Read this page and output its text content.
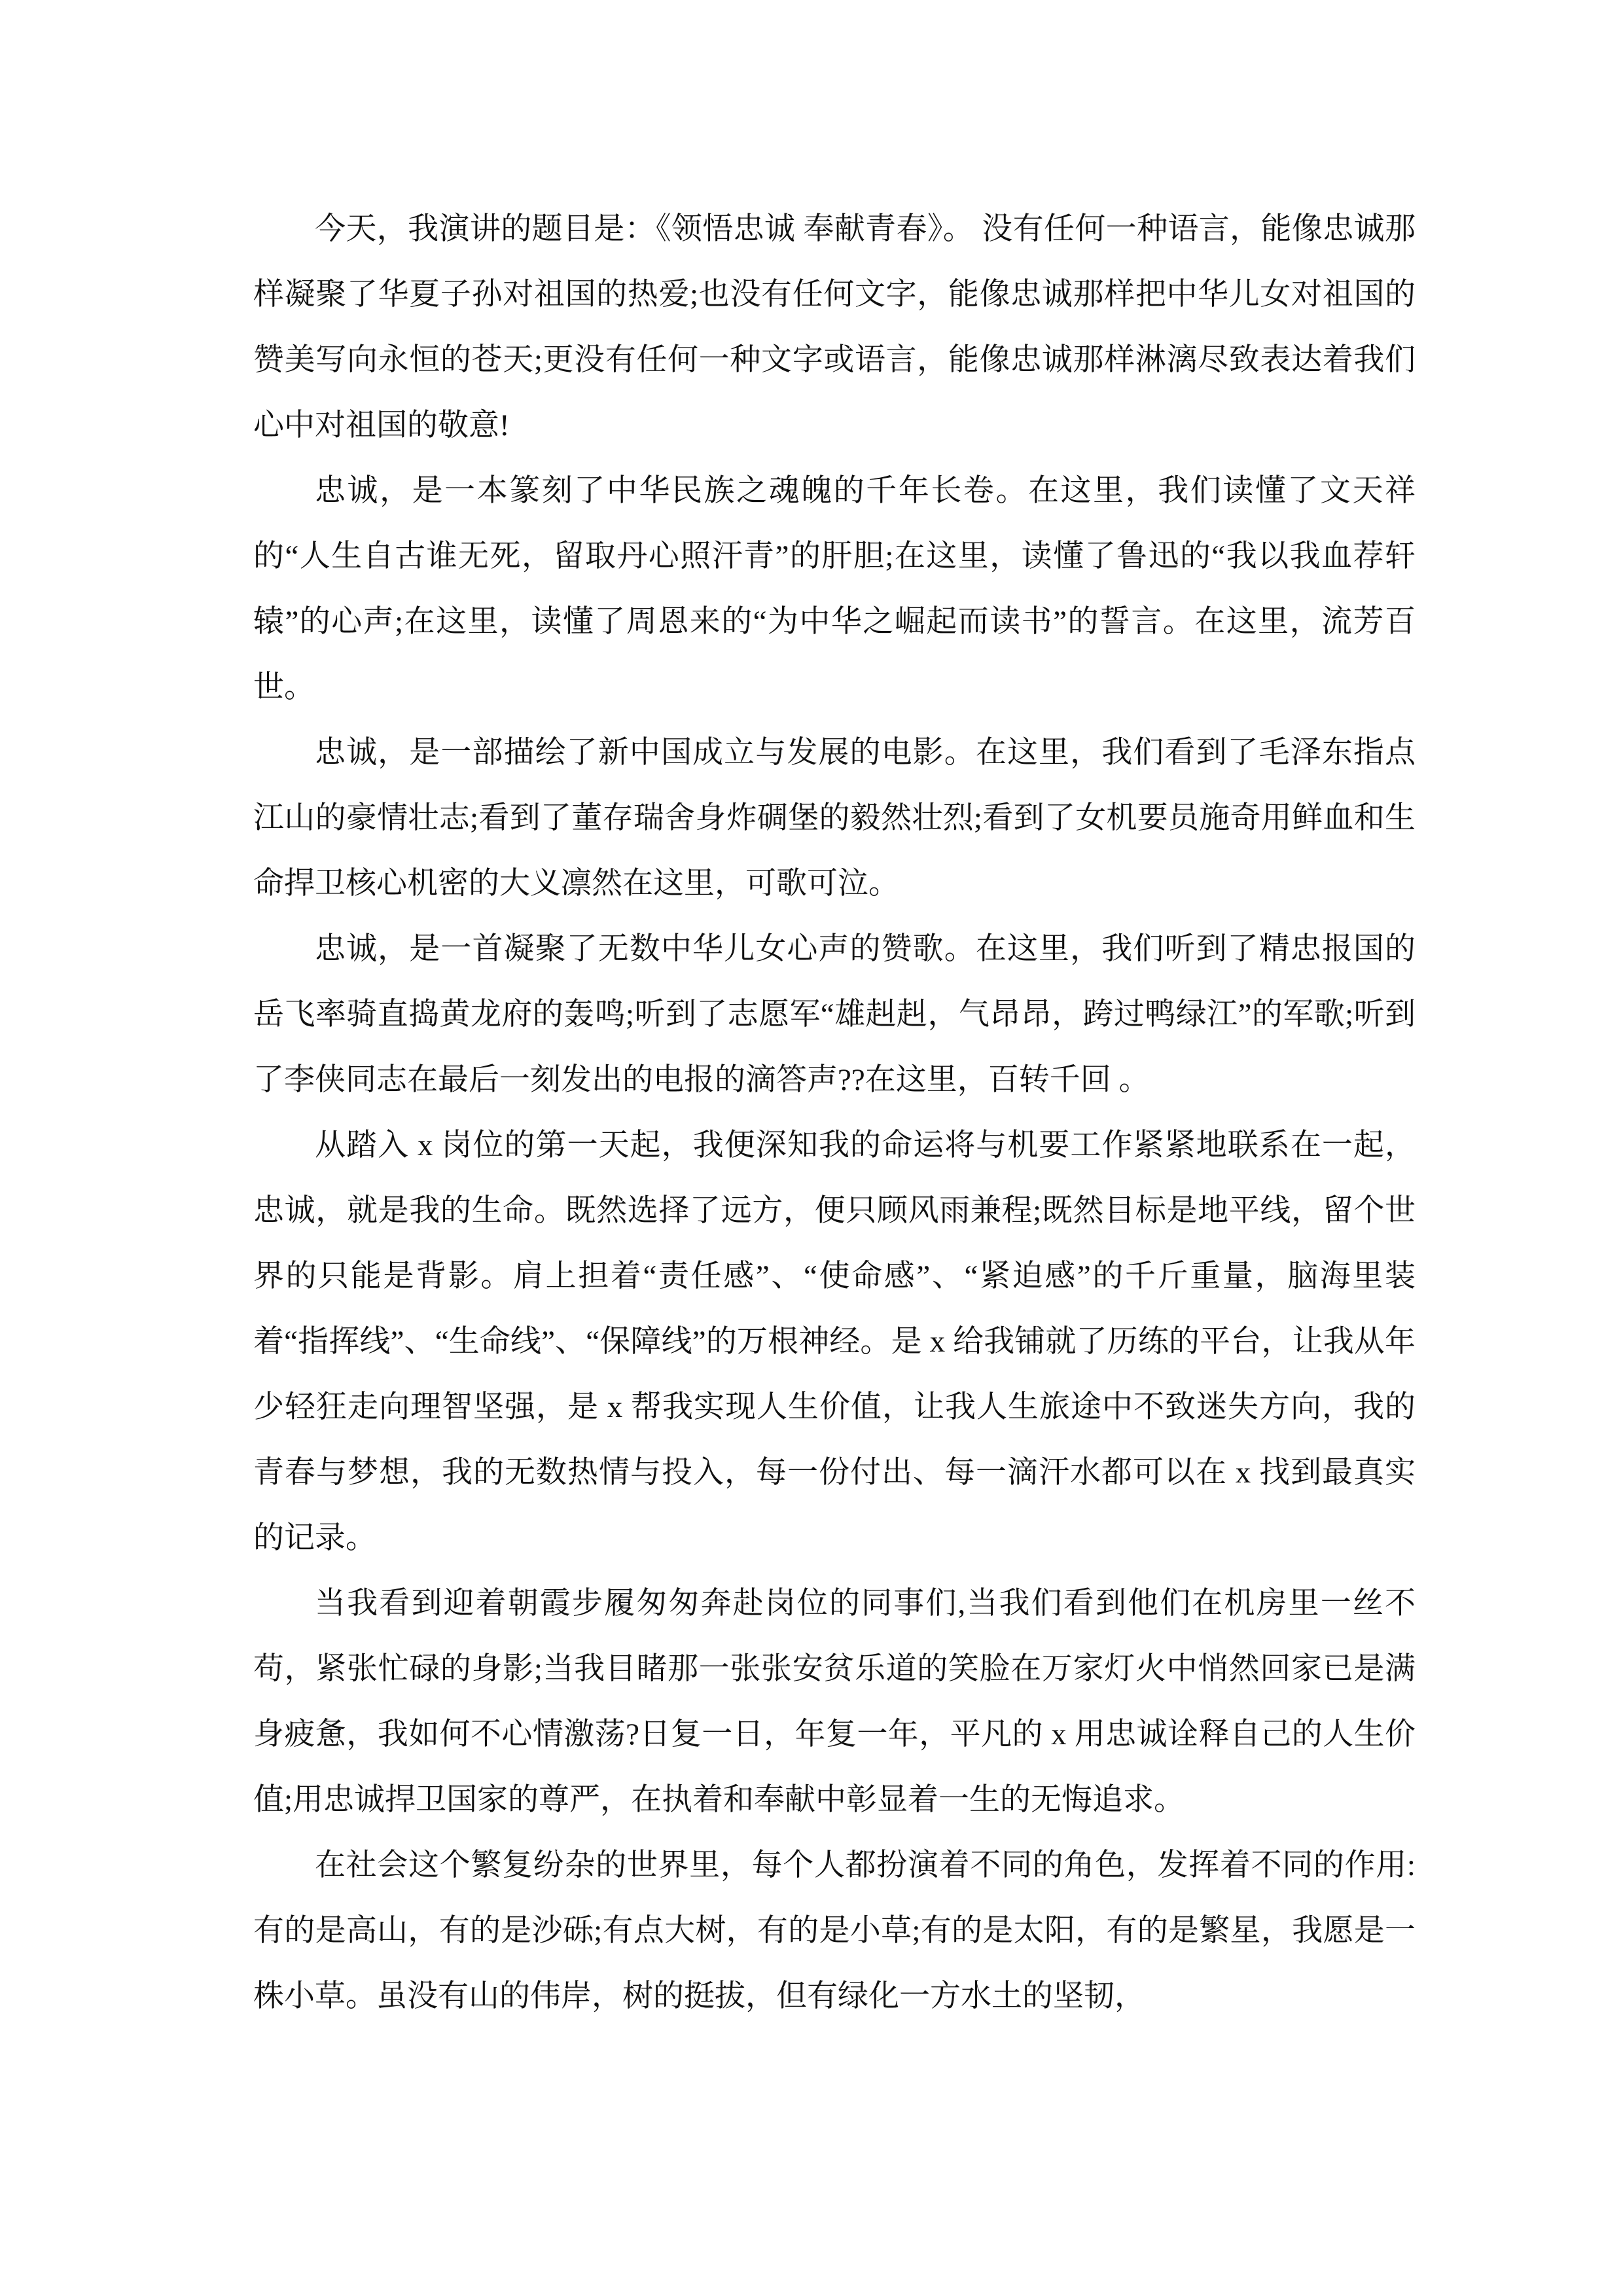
今天，我演讲的题目是：《领悟忠诚 奉献青春》。 没有任何一种语言，能像忠诚那样凝聚了华夏子孙对祖国的热爱;也没有任何文字，能像忠诚那样把中华儿女对祖国的赞美写向永恒的苍天;更没有任何一种文字或语言，能像忠诚那样淋漓尽致表达着我们心中对祖国的敬意!

忠诚，是一本篆刻了中华民族之魂魄的千年长卷。在这里，我们读懂了文天祥的“人生自古谁无死，留取丹心照汗青”的肝胆;在这里，读懂了鲁迅的“我以我血荐轩辕”的心声;在这里，读懂了周恩来的“为中华之崛起而读书”的誓言。在这里，流芳百世。

忠诚，是一部描绘了新中国成立与发展的电影。在这里，我们看到了毛泽东指点江山的豪情壮志;看到了董存瑞舍身炸碉堡的毅然壮烈;看到了女机要员施奇用鲜血和生命捍卫核心机密的大义凛然在这里，可歌可泣。

忠诚，是一首凝聚了无数中华儿女心声的赞歌。在这里，我们听到了精忠报国的岳飞率骑直捣黄龙府的轰鸣;听到了志愿军“雄赳赳，气昂昂，跨过鸭绿江”的军歌;听到了李侠同志在最后一刻发出的电报的滴答声??在这里，百转千回 。

从踏入 x 岗位的第一天起，我便深知我的命运将与机要工作紧紧地联系在一起，忠诚，就是我的生命。既然选择了远方，便只顾风雨兼程;既然目标是地平线，留个世界的只能是背影。肩上担着“责任感”、“使命感”、“紧迫感”的千斤重量，脑海里装着“指挥线”、“生命线”、“保障线”的万根神经。是 x 给我铺就了历练的平台，让我从年少轻狂走向理智坚强，是 x 帮我实现人生价值，让我人生旅途中不致迷失方向，我的青春与梦想，我的无数热情与投入，每一份付出、每一滴汗水都可以在 x 找到最真实的记录。

当我看到迎着朝霞步履匆匆奔赴岗位的同事们,当我们看到他们在机房里一丝不苟，紧张忙碌的身影;当我目睹那一张张安贫乐道的笑脸在万家灯火中悄然回家已是满身疲惫，我如何不心情激荡?日复一日，年复一年，平凡的 x 用忠诚诠释自己的人生价值;用忠诚捍卫国家的尊严，在执着和奉献中彰显着一生的无悔追求。

在社会这个繁复纷杂的世界里，每个人都扮演着不同的角色，发挥着不同的作用: 有的是高山，有的是沙砾;有点大树，有的是小草;有的是太阳，有的是繁星，我愿是一株小草。虽没有山的伟岸，树的挺拔，但有绿化一方水土的坚韧，
